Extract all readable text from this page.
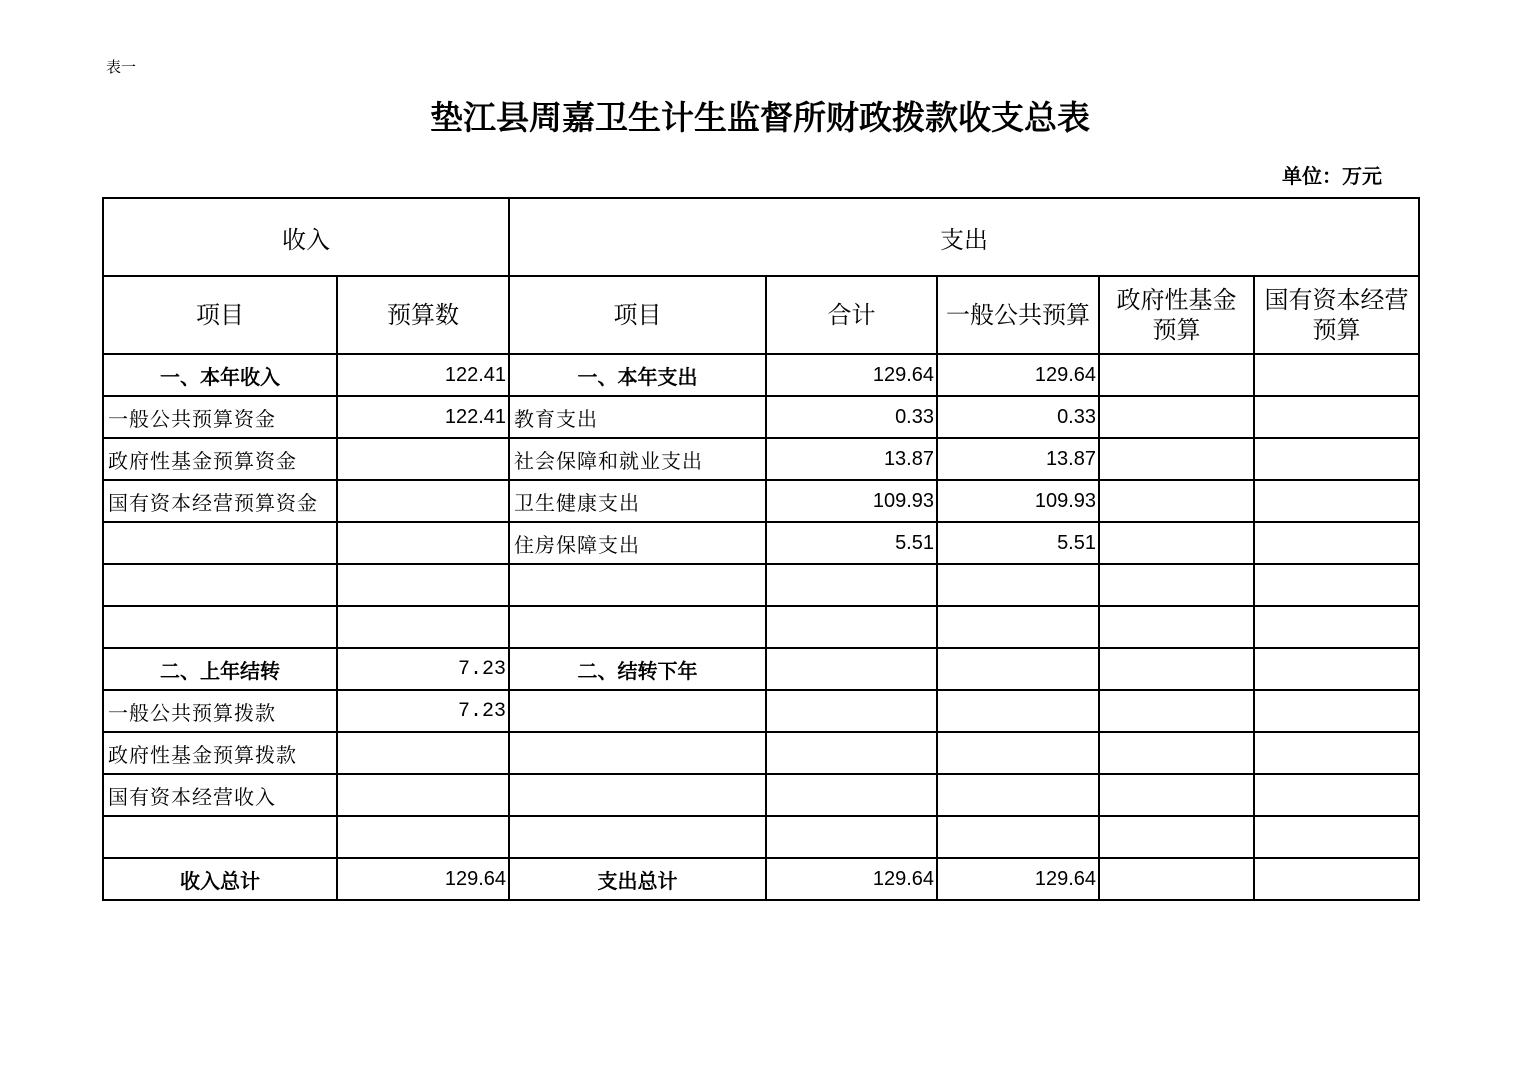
表一
垫江县周嘉卫生计生监督所财政拨款收支总表
单位：万元
收入		支出				
项目	预算数	项目	合计	一般公共预算	政府性基金预算	国有资本经营预算
一、本年收入	122.41	一、本年支出	129.64	129.64		
一般公共预算资金	122.41	教育支出	0.33	0.33		
政府性基金预算资金		社会保障和就业支出	13.87	13.87		
国有资本经营预算资金		卫生健康支出	109.93	109.93		
		住房保障支出	5.51	5.51		

二、上年结转	7.23	二、结转下年				
一般公共预算拨款	7.23					
政府性基金预算拨款						
国有资本经营收入						

收入总计	129.64	支出总计	129.64	129.64		
